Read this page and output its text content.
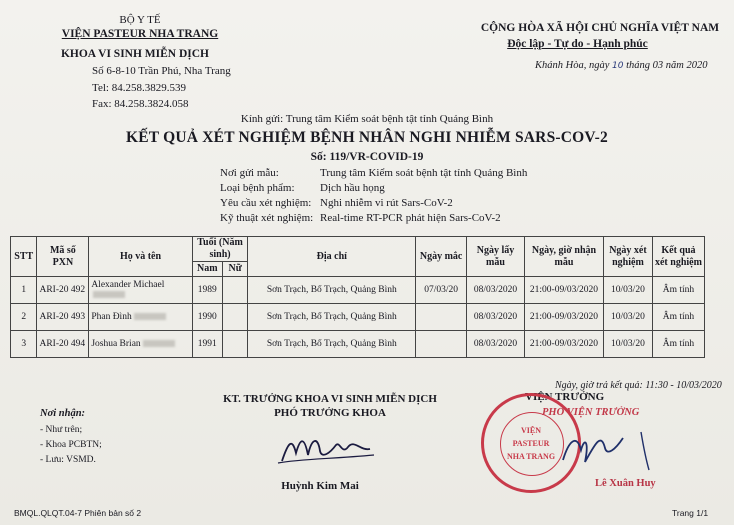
BỘ Y TẾ
VIỆN PASTEUR NHA TRANG
KHOA VI SINH MIỄN DỊCH
Số 6-8-10 Trần Phú, Nha Trang
Tel: 84.258.3829.539
Fax: 84.258.3824.058
CỘNG HÒA XÃ HỘI CHỦ NGHĨA VIỆT NAM
Độc lập - Tự do - Hạnh phúc
Khánh Hòa, ngày 10 tháng 03 năm 2020
Kính gửi: Trung tâm Kiểm soát bệnh tật tỉnh Quảng Bình
KẾT QUẢ XÉT NGHIỆM BỆNH NHÂN NGHI NHIỄM SARS-COV-2
Số: 119/VR-COVID-19
Nơi gửi mẫu:	Trung tâm Kiểm soát bệnh tật tỉnh Quảng Bình
Loại bệnh phẩm: Dịch hầu họng
Yêu cầu xét nghiệm: Nghi nhiễm vi rút Sars-CoV-2
Kỹ thuật xét nghiệm: Real-time RT-PCR phát hiện Sars-CoV-2
STT	Mã số PXN	Họ và tên	Tuổi (Năm sinh)		Địa chỉ	Ngày mắc	Ngày lấy mẫu	Ngày, giờ nhận mẫu	Ngày xét nghiệm	Kết quả xét nghiệm
			Nam	Nữ						
1	ARI-20 492	Alexander Michael	1989		Sơn Trạch, Bố Trạch, Quảng Bình	07/03/20	08/03/2020	21:00-09/03/2020	10/03/20	Âm tính
2	ARI-20 493	Phan Đình	1990		Sơn Trạch, Bố Trạch, Quảng Bình		08/03/2020	21:00-09/03/2020	10/03/20	Âm tính
3	ARI-20 494	Joshua Brian	1991		Sơn Trạch, Bố Trạch, Quảng Bình		08/03/2020	21:00-09/03/2020	10/03/20	Âm tính
Ngày, giờ trả kết quả: 11:30 - 10/03/2020
Nơi nhận:
- Như trên;
- Khoa PCBTN;
- Lưu: VSMD.
KT. TRƯỞNG KHOA VI SINH MIỄN DỊCH
PHÓ TRƯỞNG KHOA
Huỳnh Kim Mai
VIỆN TRƯỞNG
PHÓ VIỆN TRƯỞNG
VIỆN
PASTEUR
NHA TRANG
Lê Xuân Huy
BMQL.QLQT.04-7 Phiên bản số 2	Trang 1/1
